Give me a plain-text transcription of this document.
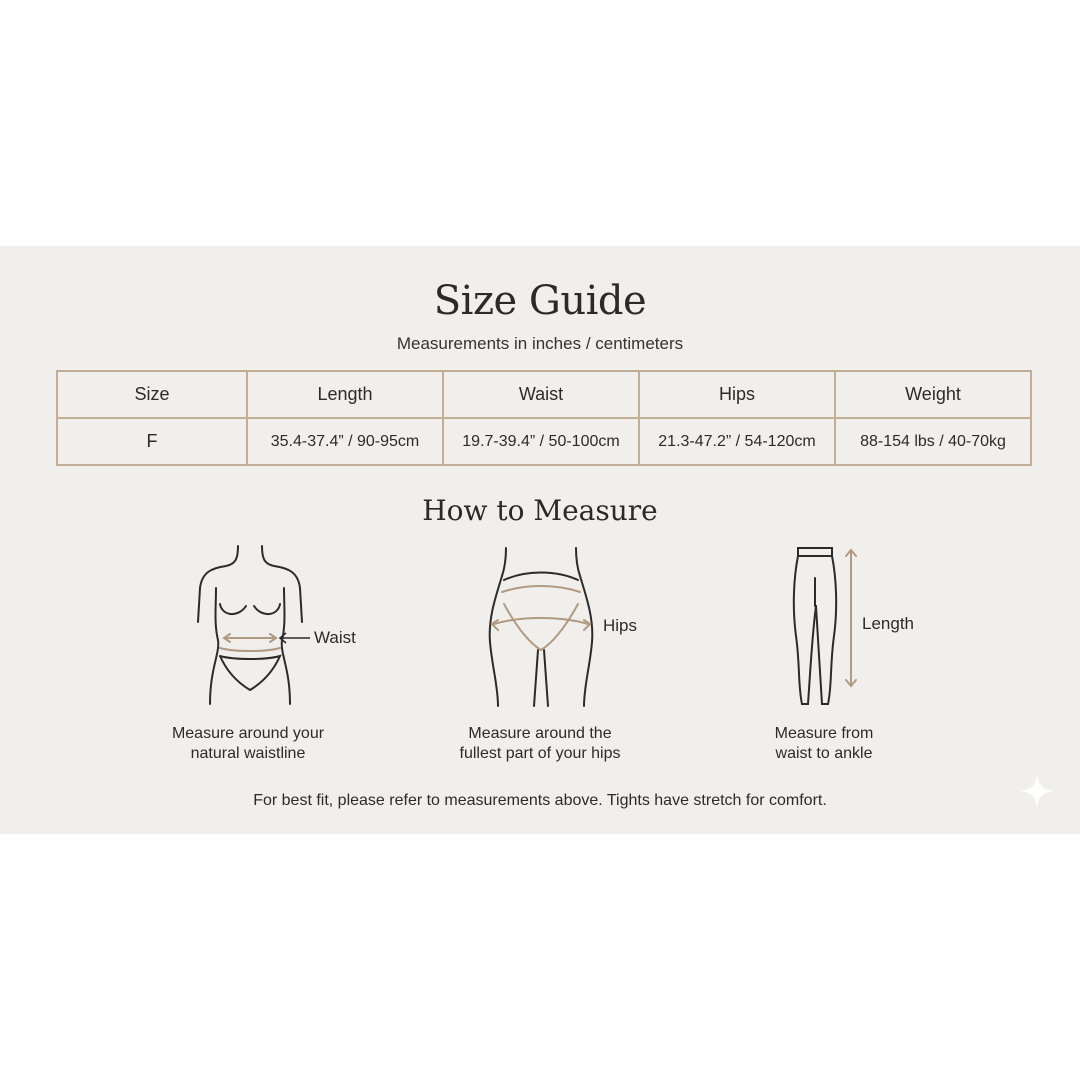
Size Guide
Measurements in inches / centimeters
Size	Length	Waist	Hips	Weight
F	35.4-37.4” / 90-95cm	19.7-39.4” / 50-100cm	21.3-47.2” / 54-120cm	88-154 lbs / 40-70kg
How to Measure
Waist
Hips	Length
Measure around your
natural waistline
Measure around the
fullest part of your hips
Measure from
waist to ankle
For best fit, please refer to measurements above. Tights have stretch for comfort.
